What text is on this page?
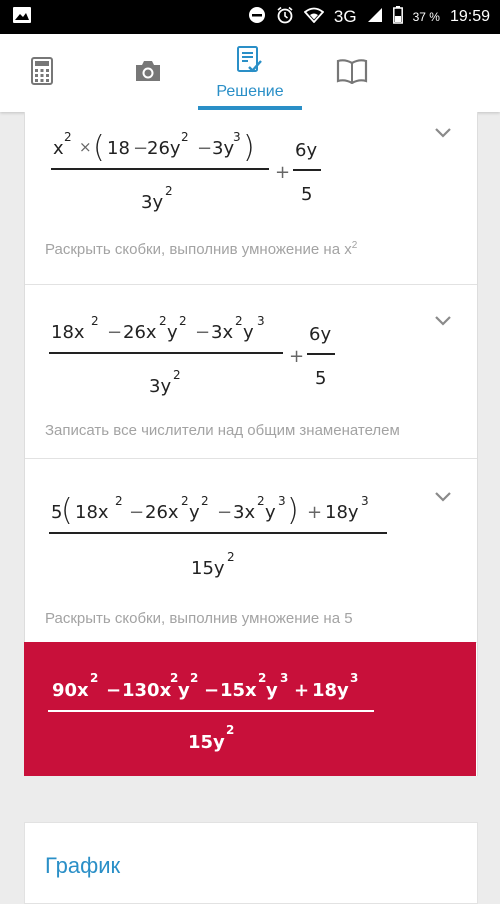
3G	37 % 19:59
Решение
x
2
× ( 18 −
26y
2
− 3y
3 )
3y
2
+
6y
5
Раскрыть скобки, выполнив умножение на $x^2$
18x
2
− 26x
2
y
2
− 3x
2
y
3
3y
2
+
6y
5
Записать все числители над общим знаменателем
5
( 18x
2
− 26x
2
y
2
− 3x
2
y
3 ) + 18y
3
15y
2
Раскрыть скобки, выполнив умножение на 5
90x
2
− 130x
2
y
2
− 15x
2
y
3
+ 18y
3
15y
2
График
